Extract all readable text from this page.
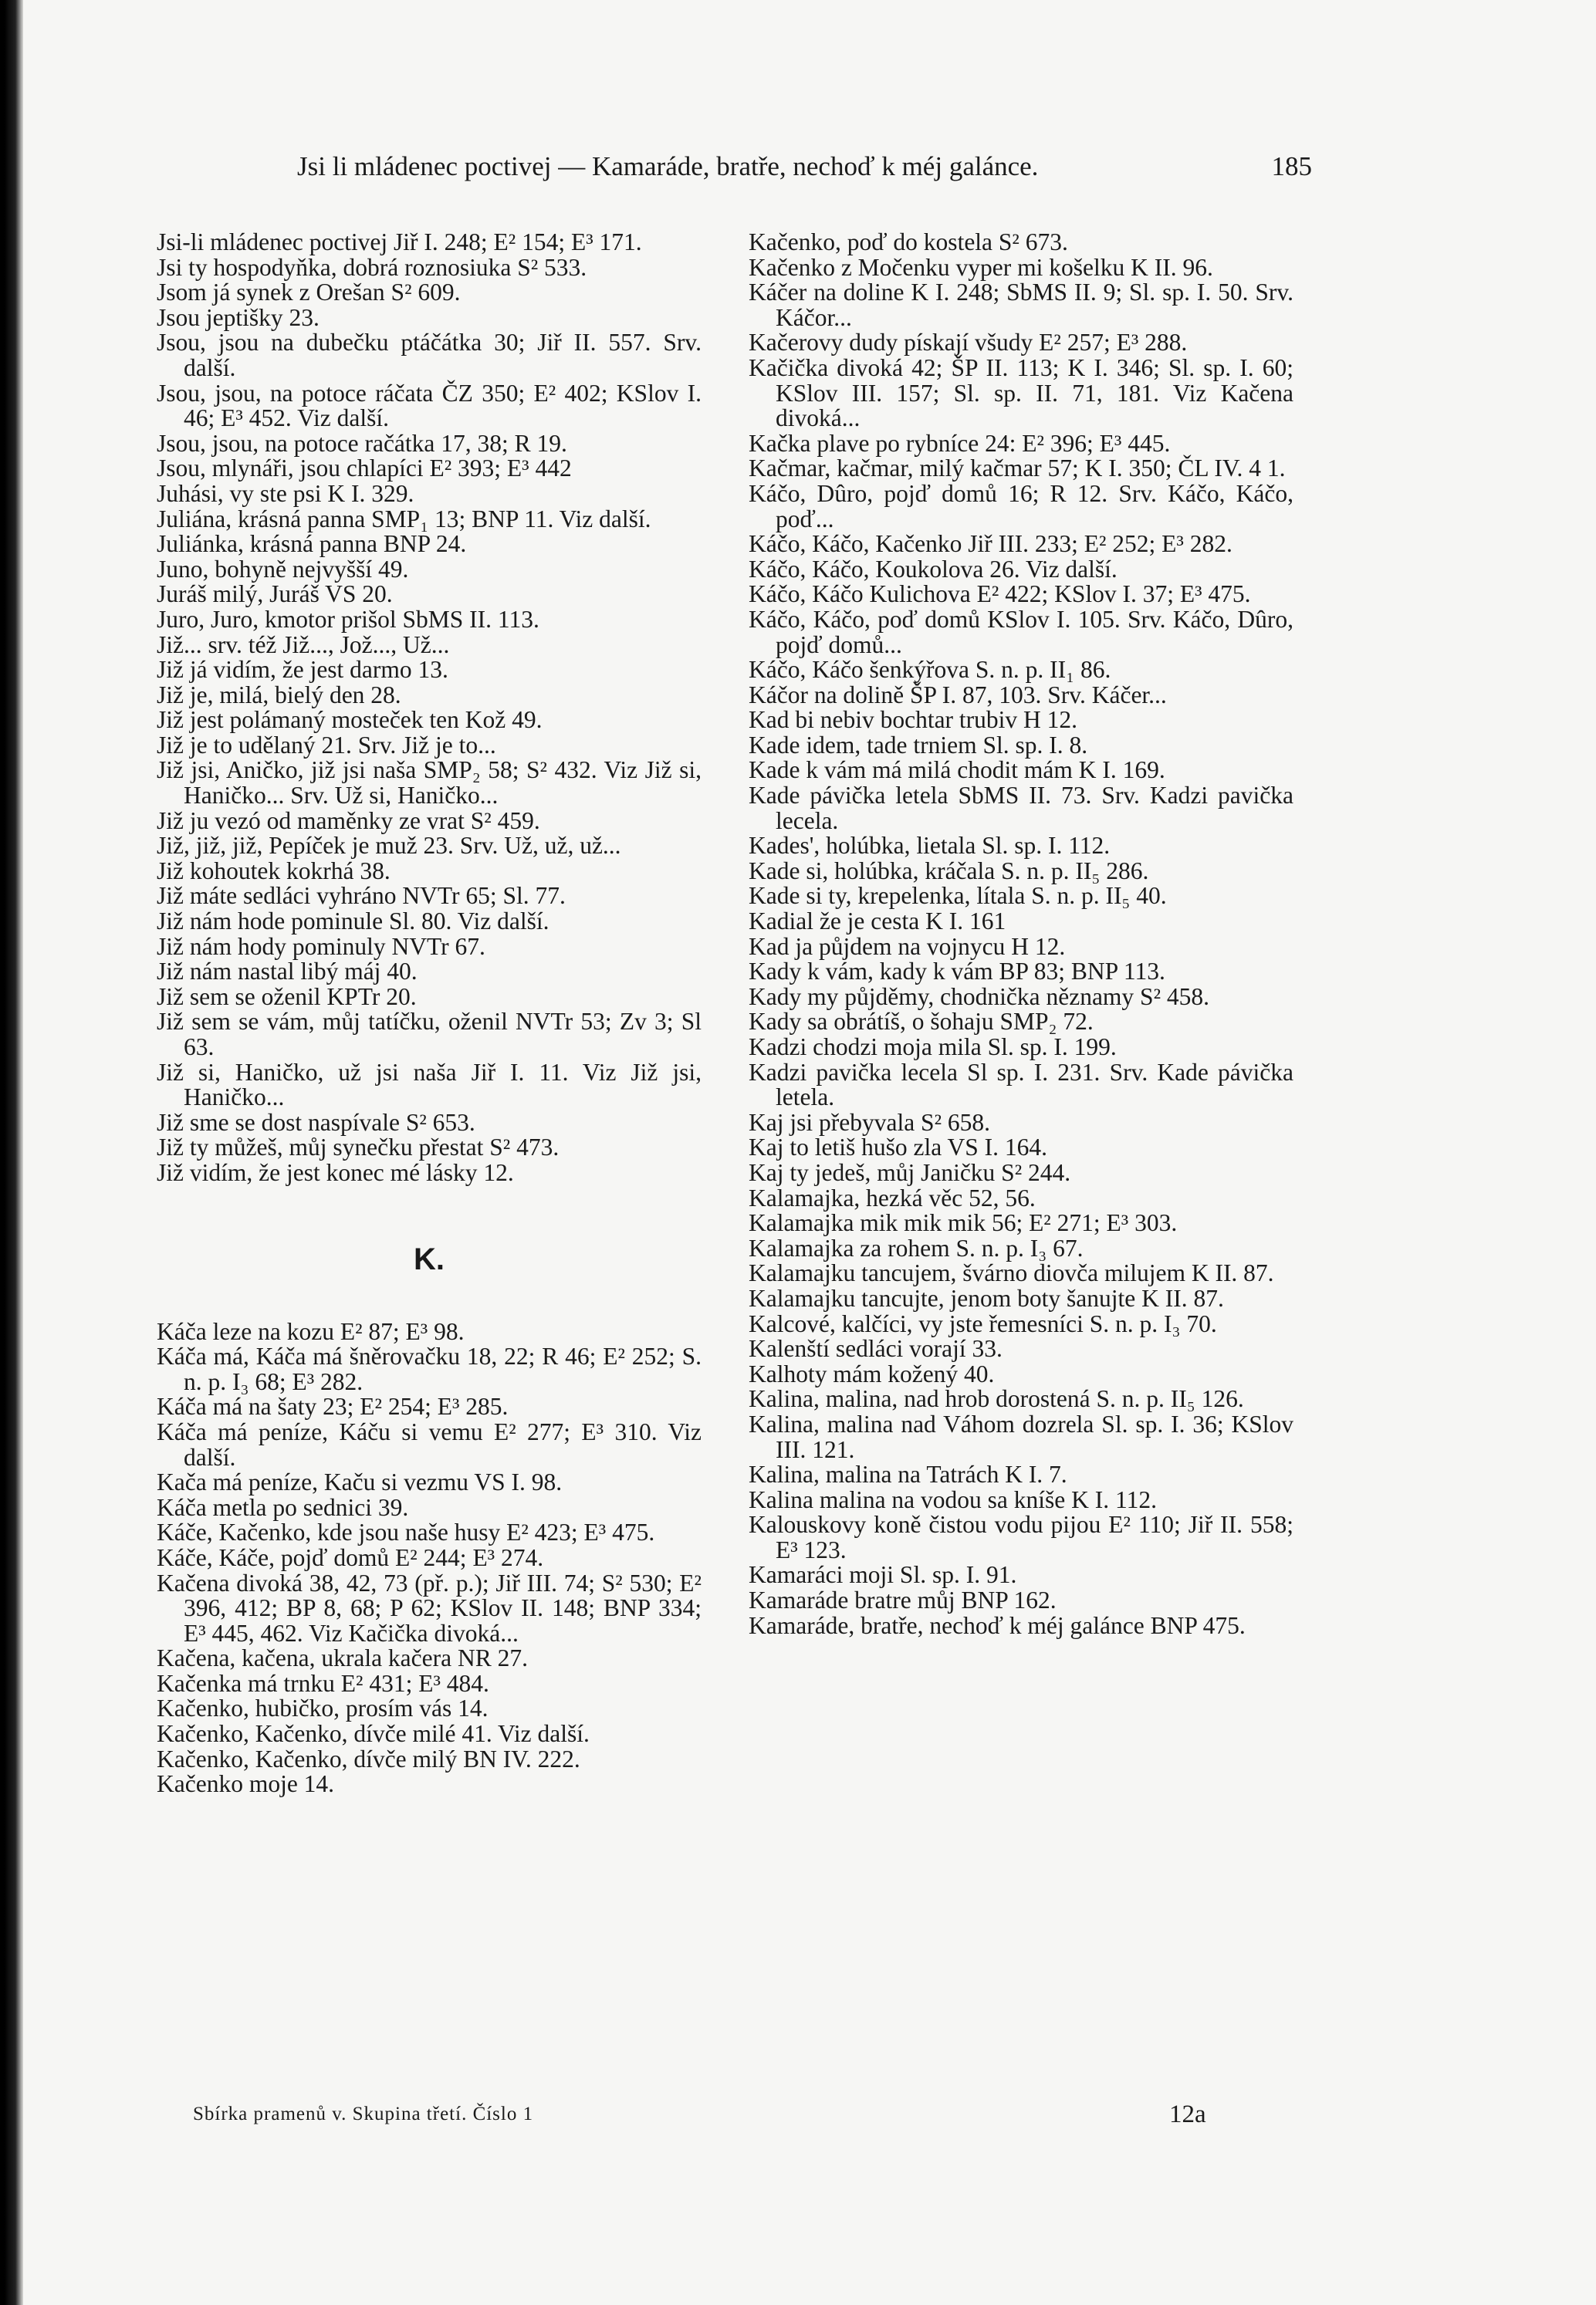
Jsi li mládenec poctivej — Kamaráde, bratře, nechoď k méj galánce.	185

Jsi-li mládenec poctivej Jiř I. 248; E² 154; E³ 171.

Jsi ty hospodyňka, dobrá roznosiuka S² 533.

Jsom já synek z Orešan S² 609.

Jsou jeptišky 23.

Jsou, jsou na dubečku ptáčátka 30; Jiř II. 557. Srv. další.

Jsou, jsou, na potoce ráčata ČZ 350; E² 402; KSlov I. 46; E³ 452. Viz další.

Jsou, jsou, na potoce račátka 17, 38; R 19.

Jsou, mlynáři, jsou chlapíci E² 393; E³ 442

Juhási, vy ste psi K I. 329.

Juliána, krásná panna SMP₁ 13; BNP 11. Viz další.

Juliánka, krásná panna BNP 24.

Juno, bohyně nejvyšší 49.

Juráš milý, Juráš VS 20.

Juro, Juro, kmotor prišol SbMS II. 113.

Již... srv. též Již..., Jož..., Už...

Již já vidím, že jest darmo 13.

Již je, milá, bielý den 28.

Již jest polámaný mosteček ten Kož 49.

Již je to udělaný 21. Srv. Již je to...

Již jsi, Aničko, již jsi naša SMP₂ 58; S² 432. Viz Již si, Haničko... Srv. Už si, Haničko...

Již ju vezó od maměnky ze vrat S² 459.

Již, již, již, Pepíček je muž 23. Srv. Už, už, už...

Již kohoutek kokrhá 38.

Již máte sedláci vyhráno NVTr 65; Sl. 77.

Již nám hode pominule Sl. 80. Viz další.

Již nám hody pominuly NVTr 67.

Již nám nastal libý máj 40.

Již sem se oženil KPTr 20.

Již sem se vám, můj tatíčku, oženil NVTr 53; Zv 3; Sl 63.

Již si, Haničko, už jsi naša Jiř I. 11. Viz Již jsi, Haničko...

Již sme se dost naspívale S² 653.

Již ty můžeš, můj synečku přestat S² 473.

Již vidím, že jest konec mé lásky 12.

K.

Káča leze na kozu E² 87; E³ 98.

Káča má, Káča má šněrovačku 18, 22; R 46; E² 252; S. n. p. I₃ 68; E³ 282.

Káča má na šaty 23; E² 254; E³ 285.

Káča má peníze, Káču si vemu E² 277; E³ 310. Viz další.

Kača má peníze, Kaču si vezmu VS I. 98.

Káča metla po sednici 39.

Káče, Kačenko, kde jsou naše husy E² 423; E³ 475.

Káče, Káče, pojď domů E² 244; E³ 274.

Kačena divoká 38, 42, 73 (př. p.); Jiř III. 74; S² 530; E² 396, 412; BP 8, 68; P 62; KSlov II. 148; BNP 334; E³ 445, 462. Viz Kačička divoká...

Kačena, kačena, ukrala kačera NR 27.

Kačenka má trnku E² 431; E³ 484.

Kačenko, hubičko, prosím vás 14.

Kačenko, Kačenko, dívče milé 41. Viz další.

Kačenko, Kačenko, dívče milý BN IV. 222.

Kačenko moje 14.

Kačenko, poď do kostela S² 673.

Kačenko z Močenku vyper mi košelku K II. 96.

Káčer na doline K I. 248; SbMS II. 9; Sl. sp. I. 50. Srv. Káčor...

Kačerovy dudy pískají všudy E² 257; E³ 288.

Kačička divoká 42; ŠP II. 113; K I. 346; Sl. sp. I. 60; KSlov III. 157; Sl. sp. II. 71, 181. Viz Kačena divoká...

Kačka plave po rybníce 24: E² 396; E³ 445.

Kačmar, kačmar, milý kačmar 57; K I. 350; ČL IV. 4 1.

Káčo, Dûro, pojď domů 16; R 12. Srv. Káčo, Káčo, poď...

Káčo, Káčo, Kačenko Jiř III. 233; E² 252; E³ 282.

Káčo, Káčo, Koukolova 26. Viz další.

Káčo, Káčo Kulichova E² 422; KSlov I. 37; E³ 475.

Káčo, Káčo, poď domů KSlov I. 105. Srv. Káčo, Dûro, pojď domů...

Káčo, Káčo šenkýřova S. n. p. II₁ 86.

Káčor na dolině ŠP I. 87, 103. Srv. Káčer...

Kad bi nebiv bochtar trubiv H 12.

Kade idem, tade trniem Sl. sp. I. 8.

Kade k vám má milá chodit mám K I. 169.

Kade pávička letela SbMS II. 73. Srv. Kadzi pavička lecela.

Kades', holúbka, lietala Sl. sp. I. 112.

Kade si, holúbka, kráčala S. n. p. II₅ 286.

Kade si ty, krepelenka, lítala S. n. p. II₅ 40.

Kadial že je cesta K I. 161

Kad ja půjdem na vojnycu H 12.

Kady k vám, kady k vám BP 83; BNP 113.

Kady my půjděmy, chodnička něznamy S² 458.

Kady sa obrátíš, o šohaju SMP₂ 72.

Kadzi chodzi moja mila Sl. sp. I. 199.

Kadzi pavička lecela Sl sp. I. 231. Srv. Kade pávička letela.

Kaj jsi přebyvala S² 658.

Kaj to letiš hušo zla VS I. 164.

Kaj ty jedeš, můj Janičku S² 244.

Kalamajka, hezká věc 52, 56.

Kalamajka mik mik mik 56; E² 271; E³ 303.

Kalamajka za rohem S. n. p. I₃ 67.

Kalamajku tancujem, švárno diovča milujem K II. 87.

Kalamajku tancujte, jenom boty šanujte K II. 87.

Kalcové, kalčíci, vy jste řemesníci S. n. p. I₃ 70.

Kalenští sedláci vorají 33.

Kalhoty mám kožený 40.

Kalina, malina, nad hrob dorostená S. n. p. II₅ 126.

Kalina, malina nad Váhom dozrela Sl. sp. I. 36; KSlov III. 121.

Kalina, malina na Tatrách K I. 7.

Kalina malina na vodou sa kníše K I. 112.

Kalouskovy koně čistou vodu pijou E² 110; Jiř II. 558; E³ 123.

Kamaráci moji Sl. sp. I. 91.

Kamaráde bratre můj BNP 162.

Kamaráde, bratře, nechoď k méj galánce BNP 475.

Sbírka pramenů v. Skupina třetí. Číslo 1	12a
